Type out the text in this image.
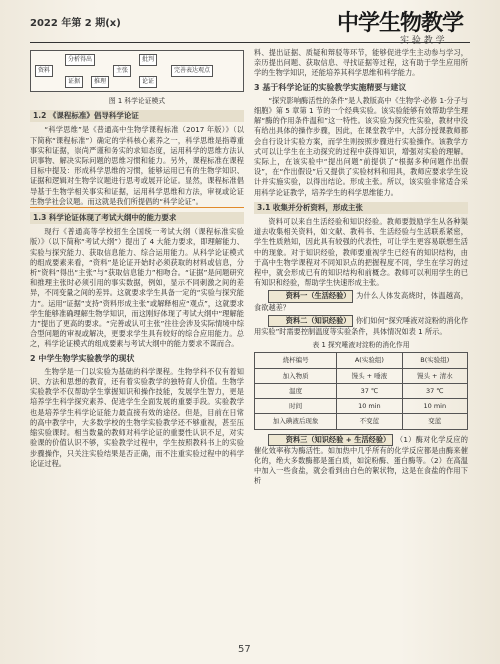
2022 年第 2 期(x)	中学生物教学
实 验 教 学
资料
分析得出
主张
证据	推理
批判
论证
完善表达观点
图 1 科学论证模式
1.2 《课程标准》倡导科学论证

“科学思维”是《普通高中生物学课程标准（2017 年版）》（以下简称“课程标准”）确定的学科核心素养之一，科学思维是指尊重事实和证据，崇尚严谨和务实的求知态度，运用科学的思维方法认识事物、解决实际问题的思维习惯和能力。另外，课程标准在课程目标中提及：形成科学思维的习惯，能够运用已有的生物学知识、证据和逻辑对生物学议题进行思考或展开论证。显然，课程标准倡导基于生物学相关事实和证据，运用科学思维和方法，审视或论证生物学社会议题。而这就是我们所提倡的“科学论证”。

1.3 科学论证体现了考试大纲中的能力要求

现行《普通高等学校招生全国统一考试大纲（课程标准实验版）》（以下简称“考试大纲”）提出了 4 大能力要求，即理解能力、实验与探究能力、获取信息能力、综合运用能力。从科学论证模式的组成要素来看，“资料”是论证开始时必须获取的材料或信息，分析“资料”得出“主张”与“获取信息能力”相吻合。“证据”是问题研究和推理主张时必须引用的事实数据，例如，显示不同刺激之间的差异，不同变量之间的差异。这就要求学生具备一定的“实验与探究能力”。运用“证据”支持“资料形成主张”或解释相应“观点”，这就要求学生能够准确理解生物学知识，而这刚好体现了考试大纲中“理解能力”提出了更高的要求。“完善或认可主张”往往会涉及实际情境中综合型问题的审视或解决，更要求学生具有较好的综合应用能力。总之，科学论证模式的组成要素与考试大纲中的能力要求不谋而合。

2 中学生物学实验教学的现状

生物学是一门以实验为基础的科学课程。生物学科不仅有着知识、方法和思想的教育，还有着实验教学的独特育人价值。生物学实验教学不仅帮助学生掌握知识和操作技能，发展学生智力，更是培养学生科学探究素养、促进学生全面发展的重要手段。实验教学也是培养学生科学论证能力最直接有效的途径。但是，目前在日常的高中教学中，大多数学校的生物学实验教学还不够重视，甚至压缩实验课时。相当数量的教师对科学论证的重要性认识不足，对实验课的价值认识不够，实验教学过程中，学生按照教科书上的实验步骤操作，只关注实验结果是否正确，而不注重实验过程中的科学论证过程。

料、提出证据、质疑和辩驳等环节，能够促进学生主动参与学习，亲历提出问题、获取信息、寻找证据等过程，这有助于学生应用所学的生物学知识，还能培养其科学思维和科学能力。

3 基于科学论证的实验教学实施精要与建议

“探究影响酶活性的条件”是人教版高中《生物学·必修 1·分子与细胞》第 5 章第 1 节的一个经典实验。该实验能够有效帮助学生理解“酶的作用条件温和”这一特性。该实验为探究性实验，教材中没有给出具体的操作步骤，因此，在课堂教学中，大部分授课教师都会自行设计实验方案，而学生则按照步骤进行实验操作。该教学方式可以让学生在主动探究的过程中获得知识，增强对实验的理解。实际上，在该实验中“提出问题”前提供了“根据多种问题作出假设”，在“作出假设”后又提供了实验材料和用具，教师应要求学生设计并实施实验，以得出结论。形成主张。所以，该实验非常适合采用科学论证教学，培养学生的科学思维能力。

3.1 收集并分析资料，形成主张

资料可以来自生活经验和知识经验。教师要鼓励学生从各种渠道去收集相关资料，如文献、教科书、生活经验与生活联系紧密，学生性质熟知，因此具有较强的代表性，可让学生更容易联想生活中的现象。对于知识经验，教师要重视学生已经有的知识结构，由于高中生物学课程对不同知识点的把握程度不同，学生在学习的过程中，就会形成已有的知识结构和前概念。教师可以利用学生的已有知识和经验，帮助学生快速形成主张。

资料一（生活经验） 为什么人体发高烧时，体温越高，食欲越差？

资料二（知识经验） 你们如何“探究唾液对淀粉的消化作用实验”时需要控制温度等实验条件，具体情况如表 1 所示。

表 1 探究唾液对淀粉的消化作用
烧杯编号	A(实验组)	B(实验组)
加入物质	馒头 + 唾液	馒头 + 清水
温度	37 ℃	37 ℃
时间	10 min	10 min
加入碘液后现象	不变蓝	变蓝

资料三（知识经验 + 生活经验） （1）酶对化学反应的催化效率称为酶活性。如加热中几乎所有的化学反应都是由酶来催化的，绝大多数酶都是蛋白质，如淀粉酶、蛋白酶等。（2）在高温中加入一些食盐，就会看到由白色的絮状物，这是在食盐的作用下析

57
